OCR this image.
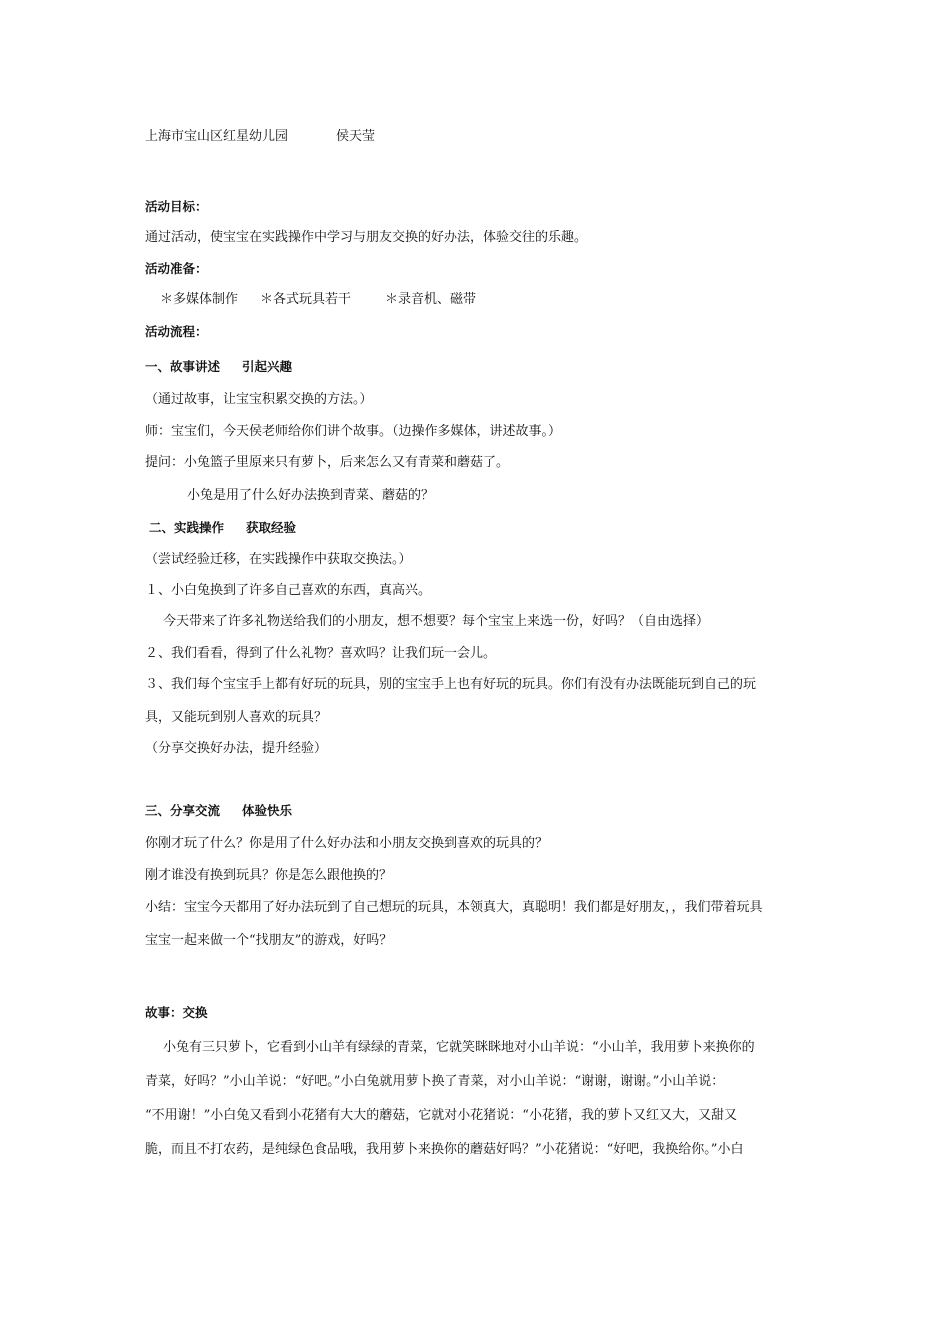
上海市宝山区红星幼儿园	侯天莹
活动目标：
通过活动，使宝宝在实践操作中学习与朋友交换的好办法，体验交往的乐趣。
活动准备：
＊多媒体制作 ＊各式玩具若干	＊录音机、磁带
活动流程：
一、故事讲述 引起兴趣
（通过故事，让宝宝积累交换的方法。）
师：宝宝们，今天侯老师给你们讲个故事。（边操作多媒体，讲述故事。）
提问：小兔篮子里原来只有萝卜，后来怎么又有青菜和蘑菇了。
小兔是用了什么好办法换到青菜、蘑菇的？
二、实践操作 获取经验
（尝试经验迁移，在实践操作中获取交换法。）
１、小白兔换到了许多自己喜欢的东西，真高兴。
今天带来了许多礼物送给我们的小朋友，想不想要？每个宝宝上来选一份，好吗？（自由选择）
２、我们看看，得到了什么礼物？喜欢吗？让我们玩一会儿。
３、我们每个宝宝手上都有好玩的玩具，别的宝宝手上也有好玩的玩具。你们有没有办法既能玩到自己的玩
具，又能玩到别人喜欢的玩具？
（分享交换好办法，提升经验）
三、分享交流 体验快乐
你刚才玩了什么？你是用了什么好办法和小朋友交换到喜欢的玩具的？
刚才谁没有换到玩具？你是怎么跟他换的？
小结：宝宝今天都用了好办法玩到了自己想玩的玩具，本领真大，真聪明！我们都是好朋友，，我们带着玩具
宝宝一起来做一个“找朋友”的游戏，好吗？
故事：交换
小兔有三只萝卜，它看到小山羊有绿绿的青菜，它就笑眯眯地对小山羊说：“小山羊，我用萝卜来换你的
青菜，好吗？”小山羊说：“好吧。”小白兔就用萝卜换了青菜，对小山羊说：“谢谢，谢谢。”小山羊说：
“不用谢！”小白兔又看到小花猪有大大的蘑菇，它就对小花猪说：“小花猪，我的萝卜又红又大，又甜又
脆，而且不打农药，是纯绿色食品哦，我用萝卜来换你的蘑菇好吗？”小花猪说：“好吧，我换给你。”小白
